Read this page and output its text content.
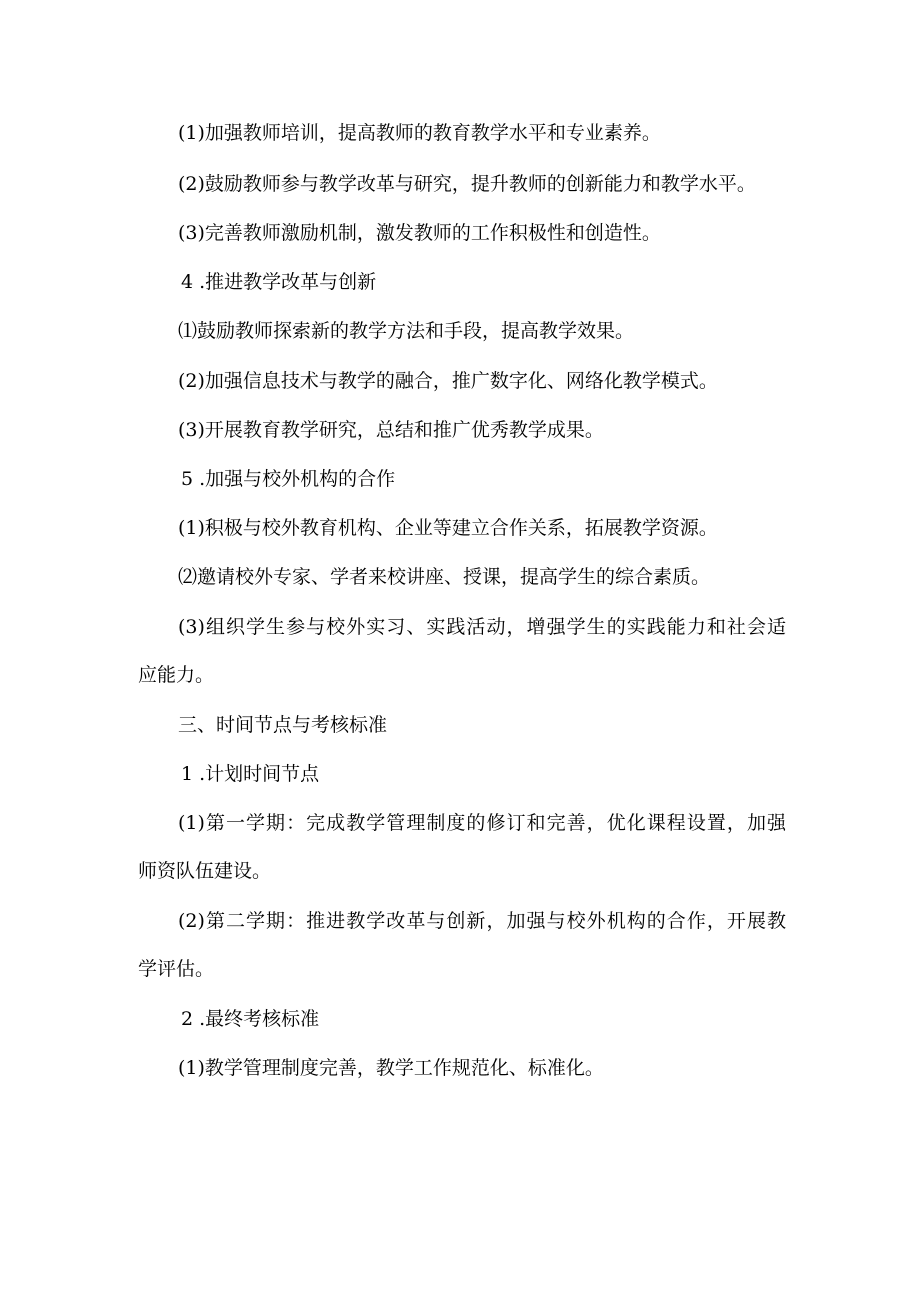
(1)加强教师培训，提高教师的教育教学水平和专业素养。
(2)鼓励教师参与教学改革与研究，提升教师的创新能力和教学水平。
(3)完善教师激励机制，激发教师的工作积极性和创造性。
4 .推进教学改革与创新
⑴鼓励教师探索新的教学方法和手段，提高教学效果。
(2)加强信息技术与教学的融合，推广数字化、网络化教学模式。
(3)开展教育教学研究，总结和推广优秀教学成果。
5 .加强与校外机构的合作
(1)积极与校外教育机构、企业等建立合作关系，拓展教学资源。
⑵邀请校外专家、学者来校讲座、授课，提高学生的综合素质。
(3)组织学生参与校外实习、实践活动，增强学生的实践能力和社会适
应能力。
三、时间节点与考核标准
1 .计划时间节点
(1)第一学期：完成教学管理制度的修订和完善，优化课程设置，加强
师资队伍建设。
(2)第二学期：推进教学改革与创新，加强与校外机构的合作，开展教
学评估。
2 .最终考核标准
(1)教学管理制度完善，教学工作规范化、标准化。
